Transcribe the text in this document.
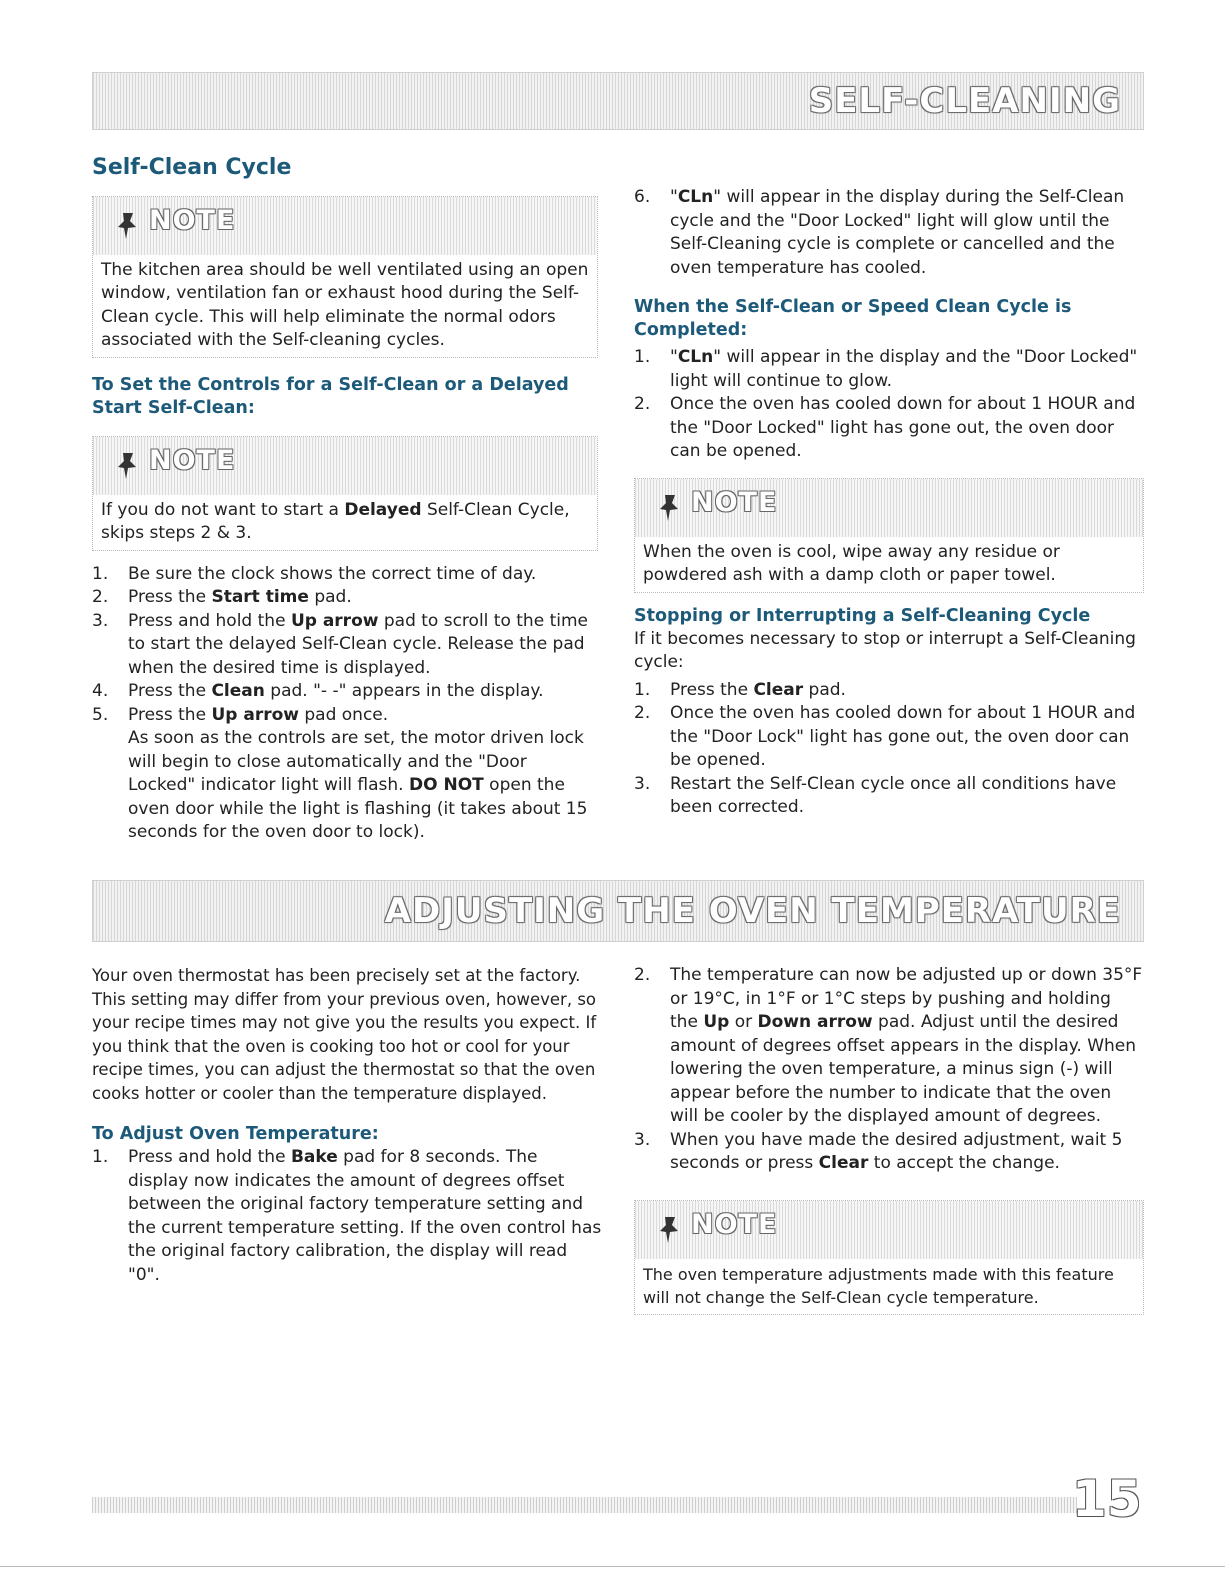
SELF-CLEANING
Self-Clean Cycle
NOTE
The kitchen area should be well ventilated using an open window, ventilation fan or exhaust hood during the Self-Clean cycle. This will help eliminate the normal odors associated with the Self-cleaning cycles.
To Set the Controls for a Self-Clean or a Delayed Start Self-Clean:
NOTE
If you do not want to start a Delayed Self-Clean Cycle, skips steps 2 & 3.
1.	Be sure the clock shows the correct time of day.
2.	Press the Start time pad.
3.	Press and hold the Up arrow pad to scroll to the time to start the delayed Self-Clean cycle. Release the pad when the desired time is displayed.
4.	Press the Clean pad. "- -" appears in the display.
5.	Press the Up arrow pad once.
As soon as the controls are set, the motor driven lock will begin to close automatically and the "Door Locked" indicator light will flash. DO NOT open the oven door while the light is flashing (it takes about 15 seconds for the oven door to lock).
6.	"CLn" will appear in the display during the Self-Clean cycle and the "Door Locked" light will glow until the Self-Cleaning cycle is complete or cancelled and the oven temperature has cooled.
When the Self-Clean or Speed Clean Cycle is Completed:
1.	"CLn" will appear in the display and the "Door Locked" light will continue to glow.
2.	Once the oven has cooled down for about 1 HOUR and the "Door Locked" light has gone out, the oven door can be opened.
NOTE
When the oven is cool, wipe away any residue or powdered ash with a damp cloth or paper towel.
Stopping or Interrupting a Self-Cleaning Cycle
If it becomes necessary to stop or interrupt a Self-Cleaning cycle:
1.	Press the Clear pad.
2.	Once the oven has cooled down for about 1 HOUR and the "Door Lock" light has gone out, the oven door can be opened.
3.	Restart the Self-Clean cycle once all conditions have been corrected.
ADJUSTING THE OVEN TEMPERATURE
Your oven thermostat has been precisely set at the factory. This setting may differ from your previous oven, however, so your recipe times may not give you the results you expect. If you think that the oven is cooking too hot or cool for your recipe times, you can adjust the thermostat so that the oven cooks hotter or cooler than the temperature displayed.
To Adjust Oven Temperature:
1.	Press and hold the Bake pad for 8 seconds. The display now indicates the amount of degrees offset between the original factory temperature setting and the current temperature setting. If the oven control has the original factory calibration, the display will read "0".
2.	The temperature can now be adjusted up or down 35°F or 19°C, in 1°F or 1°C steps by pushing and holding the Up or Down arrow pad. Adjust until the desired amount of degrees offset appears in the display. When lowering the oven temperature, a minus sign (-) will appear before the number to indicate that the oven will be cooler by the displayed amount of degrees.
3.	When you have made the desired adjustment, wait 5 seconds or press Clear to accept the change.
NOTE
The oven temperature adjustments made with this feature will not change the Self-Clean cycle temperature.
15
